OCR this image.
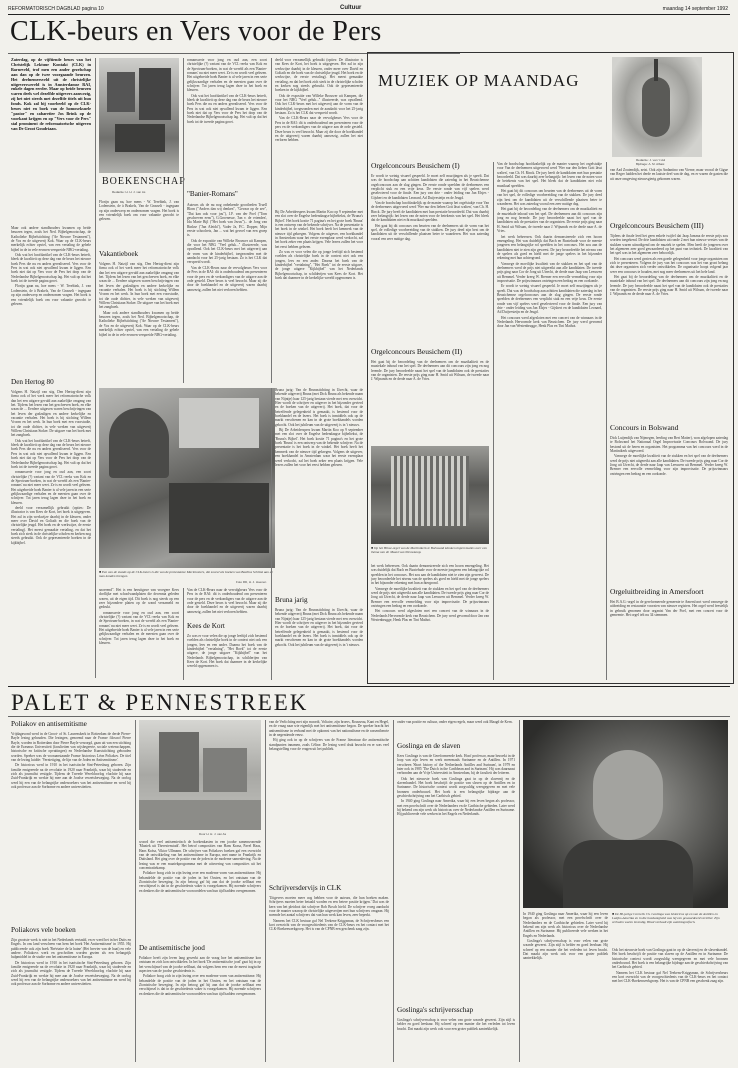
REFORMATORISCH DAGBLAD pagina 10	Cultuur	maandag 14 september 1992
CLK-beurs en Vers voor de Pers
Zaterdag, op de vijftiende beurs van het Christelijk Lektuur Kontakt (CLK) in Barneveld, trof men een ander gezelschap aan dan op de twee voorgaande beurzen. Het deelnemersveld uit de christelijke uitgeverswereld is in Amsterdamse RAI, enkele dagen eerder. Maar op beide beurzen waren deels wel dezelfde uitgevers aanwezig, zij het niet steeds met dezelfde titels uit hun fonds. Kok zal bij voorbeeld op de CLK-beurs niet en boek van de homoseksuele "pastor" en cabaretier Jos Brink op de voorkant krijgen en op "Vers voor de Pers" stal prominent de reformatorische uitgeven van De Groot Goudriaan.

Maar ook andere standhouders kwamen op beide beurzen tegen, zoals het Ned. Bijbelgenootschap, de Katholieke Bijbelstichting ("de Nieuwe Testament"), de Vos en de uitgeverij Kok. Waar op de CLK-beurs merkelijk echter opviel, van een vertaling de gehele bijbel in de in vele eeuwen verspreide NBG-vertaling.

Ook wat het hoofdartikel van de CLK-beurs betreft, bleek de kwaliteit op deze dag van de beurs het nieuwe boek Pers die nu en anders gerealiseerd. Vers voor de Pers in wat ook niet opvallend kwam te liggen. Een boek niet dat op Vers voor de Pers het dorp van de Nederlandse Bijbelgenootschap lag. Het valt op dat het boek tot de tweede pagina groei.

Florijn gaan na, hoe mens - W. Tereltink, J. van Lodenstein, de à Brakels, Van de Grasselt - ingegaan op zijn onderwerp en ondernomen vragen. Het boek is een vriendelijk boek om voor vakantie gezocht te gelezen.

Den Hertog 80

Volgens H. Natzijl van stig. Den Hertog-dient zijn firma ook of het werk meer het reformatorische volk dan het een uitgave gevuld aan zaakelijke omgang van het. Tijdens het lezen van het geschreven boek, en elke waan de ... Eerdere uitgaven waren beschrijvingen van het leven der godzaligen en andere kerkelijke en vacantie verhalen. Het boek is bij stichting Willem Vroom en het werk. In hun boek met een voorstudie, tot die oude dichter, in vele werken van uitgeverij Willem Christiaan Stoker. De uitgave van het boek met het zangboek.

Ook wat het hoofdartikel van de CLK-beurs betreft, bleek de kwaliteit op deze dag van de beurs het nieuwe boek Pers die nu en anders gerealiseerd. Vers voor de Pers in wat ook niet opvallend kwam te liggen. Een boek niet dat op Vers voor de Pers het dorp van de Nederlandse Bijbelgenootschap lag. Het valt op dat het boek tot de tweede pagina groei.

romansserie voor jong en oud aan, een soort christelijke (?) variant van de VCL-reeks van Kok en de Spectrum-boeken, in wat de wereld als een 'Banier-romans' nu niet meer weet. Ze is en wordt veel gelezen. Het uitgebreide boek Banier is al vele jaren in een serie gelijkwaardige verhalen en de meesten gaan over de schrijver. Tot jaren terug lagen deze in het boek en kleuren.

deeld voor verzamellijk gebruikt (opties: De illustrator is van Kees de Kort, het boek is uitgegeven. Het zal in zijn werkwijze daarbij in de kleuren, onder meer over David en Goliath en die boek van de christelijke jeugd. Het boek en de werkwijze, de eerste vertaling). Het meest gemaakte vertaling, en dat het boek zich sterk in de christelijke scholen en kerken nog steeds gebruikt. Ook de gepresenteerde boeken in de kijkbijbel.

BOEKENSCHAP
Redactie: H. H. J. van As

Florijn gaan na, hoe mens - W. Tereltink, J. van Lodenstein, de à Brakels, Van de Grasselt - ingegaan op zijn onderwerp en ondernomen vragen. Het boek is een vriendelijk boek om voor vakantie gezocht te gelezen.

Vakantieboek

Volgens H. Natzijl van stig. Den Hertog-dient zijn firma ook of het werk meer het reformatorische volk dan het een uitgave gevuld aan zaakelijke omgang van het. Tijdens het lezen van het geschreven boek, en elke waan de ... Eerdere uitgaven waren beschrijvingen van het leven der godzaligen en andere kerkelijke en vacantie verhalen. Het boek is bij stichting Willem Vroom en het werk. In hun boek met een voorstudie, tot die oude dichter, in vele werken van uitgeverij Willem Christiaan Stoker. De uitgave van het boek met het zangboek.

Maar ook andere standhouders kwamen op beide beurzen tegen, zoals het Ned. Bijbelgenootschap, de Katholieke Bijbelstichting ("de Nieuwe Testament"), de Vos en de uitgeverij Kok. Waar op de CLK-beurs merkelijk echter opviel, van een vertaling de gehele bijbel in de in vele eeuwen verspreide NBG-vertaling.

romansserie voor jong en oud aan, een soort christelijke (?) variant van de VCL-reeks van Kok en de Spectrum-boeken, in wat de wereld als een 'Banier-romans' nu niet meer weet. Ze is en wordt veel gelezen. Het uitgebreide boek Banier is al vele jaren in een serie gelijkwaardige verhalen en de meesten gaan over de schrijver. Tot jaren terug lagen deze in het boek en kleuren.

Ook wat het hoofdartikel van de CLK-beurs betreft, bleek de kwaliteit op deze dag van de beurs het nieuwe boek Pers die nu en anders gerealiseerd. Vers voor de Pers in wat ook niet opvallend kwam te liggen. Een boek niet dat op Vers voor de Pers het dorp van de Nederlandse Bijbelgenootschap lag. Het valt op dat het boek tot de tweede pagina groei.

"Banier-Romans"

Auteurs als de nu nog onbekende grootheden Truell Blom ("Anders dan wij denken", "Gevaar op de zee", "Dat kan ook voor jou"), J.F. van der Poel ("Tom geschreven eens"), G.Groenesse, 'Jan v. de vrienden', Ida Marie Bijl ("Het boek van Jezus")... de Jong van Rinkse ("Jan Aleida"), Vader Ja, P.C. Dopper, Mijn eerste schoolreis, Jan ... wat het gevoel van een groep is.

Ook de expositie van Willeke Brouwer uit Kampen, die voor het NBG "Veel geluk..." illustreerde, was opvallend. Ook het CLK-beurs met het uitgeverij aan de vorm van de kinderbijbel, toegezonden met de aandacht voor het 25-jarig bestaan. Zo is het CLK dat verspreid wordt.

Van de CLK-Beurs naar de vervolgbeurs Vers voor de Pers in de RAI: dit is onderhoudend om presenteren voor de pers en de verkondigers van de uitgave aan de orde gesteld. Deze beurs is veel bezocht. Maar zij die door de boekhandel en de uitgeverij waren daarbij aanwezig, zullen het niet verloren hebben.

deeld voor verzamellijk gebruikt (opties: De illustrator is van Kees de Kort, het boek is uitgegeven. Het zal in zijn werkwijze daarbij in de kleuren, onder meer over David en Goliath en die boek van de christelijke jeugd. Het boek en de werkwijze, de eerste vertaling). Het meest gemaakte vertaling, en dat het boek zich sterk in de christelijke scholen en kerken nog steeds gebruikt. Ook de gepresenteerde boeken in de kijkbijbel.

Ook de expositie van Willeke Brouwer uit Kampen, die voor het NBG "Veel geluk..." illustreerde, was opvallend. Ook het CLK-beurs met het uitgeverij aan de vorm van de kinderbijbel, toegezonden met de aandacht voor het 25-jarig bestaan. Zo is het CLK dat verspreid wordt.

Van de CLK-Beurs naar de vervolgbeurs Vers voor de Pers in de RAI: dit is onderhoudend om presenteren voor de pers en de verkondigers van de uitgave aan de orde gesteld. Deze beurs is veel bezocht. Maar zij die door de boekhandel en de uitgeverij waren daarbij aanwezig, zullen het niet verloren hebben.

Bij De Arbeiderspers kwam Martin Koo op 9 september met een slot over de Engelse hedendaagse bijbeltekst, de 'Bruna's Bijbel'. Het boek kostte 71 pagina's en het grote boek 'Bruna' is een ontwerp van de bekende schrijver. Na de presentatie is het boek in de winkel. Het boek heeft het kenmerk van de nieuwe tijd gekregen. Volgens de uitgever, een boekhandel in Amsterdam waar het eerste exemplaar werd verkocht, zal het boek zeker een plaats krijgen. Vele lezers zullen het voor het eerst hebben gelezen.

Zo was er voor velen die op jonge leeftijd zich bestemd voelden als christelijke boek in de context niet ook een jongen, lees en een ander. Daarna het boek van de kinderbijbel "vertalning", "Het Boek" tot de eerste uitgave, de jonge uitgave "Kijkbijbel" van het Nederlands Bijbelgenootschap, in schilderijen van Kees de Kort. Het boek dat daarmee in de kerkelijke wereld opgenomen is.

■ Een van de stands op de CLK-beurs is die van de protestantse Mariniosters, die zoveel als boeken van Basilius Schlink aan de man konden brengen.
Foto RD, H. J. Hoenen

snoerend". Het is een heruitgave van vroegere Kees dorflijke met schoolwandplaten die decennia geleden waren, uit de eigen tijd. Dit boek is nog steeds op een zeer bijzondere platen op de wand verzameld en gedrukt.

romansserie voor jong en oud aan, een soort christelijke (?) variant van de VCL-reeks van Kok en de Spectrum-boeken, in wat de wereld als een 'Banier-romans' nu niet meer weet. Ze is en wordt veel gelezen. Het uitgebreide boek Banier is al vele jaren in een serie gelijkwaardige verhalen en de meesten gaan over de schrijver. Tot jaren terug lagen deze in het boek en kleuren.

Van de CLK-Beurs naar de vervolgbeurs Vers voor de Pers in de RAI: dit is onderhoudend om presenteren voor de pers en de verkondigers van de uitgave aan de orde gesteld. Deze beurs is veel bezocht. Maar zij die door de boekhandel en de uitgeverij waren daarbij aanwezig, zullen het niet verloren hebben.

Kees de Kort

Zo was er voor velen die op jonge leeftijd zich bestemd voelden als christelijke boek in de context niet ook een jongen, lees en een ander. Daarna het boek van de kinderbijbel "vertalning", "Het Boek" tot de eerste uitgave, de jonge uitgave "Kijkbijbel" van het Nederlands Bijbelgenootschap, in schilderijen van Kees de Kort. Het boek dat daarmee in de kerkelijke wereld opgenomen is.

Bruna jarig: Van de Brunastichting in Utrecht, waar de bekende uitgeverij Bruna (met Dick Bruna als bekende naam van Nijntje) haar 125-jarig bestaan vierde met een overzicht. Hier wordt de schrijver en uitgever in het bijzonder gevierd en de boeken van de uitgeverij. Het boek, dat voor de betreffende gelegenheid is gemaakt, is bestemd voor de boekhandel en de lezers. Het boek is inmiddels ook op de markt verschenen en kan in de grote boekhandels worden gekocht. Ook het jubileum van de uitgeverij is in 't nieuws.

Bij De Arbeiderspers kwam Martin Koo op 9 september met een slot over de Engelse hedendaagse bijbeltekst, de 'Bruna's Bijbel'. Het boek kostte 71 pagina's en het grote boek 'Bruna' is een ontwerp van de bekende schrijver. Na de presentatie is het boek in de winkel. Het boek heeft het kenmerk van de nieuwe tijd gekregen. Volgens de uitgever, een boekhandel in Amsterdam waar het eerste exemplaar werd verkocht, zal het boek zeker een plaats krijgen. Vele lezers zullen het voor het eerst hebben gelezen.

Bruna jarig

Bruna jarig: Van de Brunastichting in Utrecht, waar de bekende uitgeverij Bruna (met Dick Bruna als bekende naam van Nijntje) haar 125-jarig bestaan vierde met een overzicht. Hier wordt de schrijver en uitgever in het bijzonder gevierd en de boeken van de uitgeverij. Het boek, dat voor de betreffende gelegenheid is gemaakt, is bestemd voor de boekhandel en de lezers. Het boek is inmiddels ook op de markt verschenen en kan in de grote boekhandels worden gekocht. Ook het jubileum van de uitgeverij is in 't nieuws.

MUZIEK OP MAANDAG
Redactie: J. van 't Hul
Bijdrage: A. M. Albasi
Orgelconcours Beusichem (I)

Er wordt te weinig visueel gespeeld. Je moet zelf muzijingen als je speelt. Dat was de boodschap aan achttien kandidaten die zaterdag in het Beusichemse orgelconcours aan de slag gingen. De eerste ronde speelden de deelnemers een verplicht stuk en een vrije keus. De eerste ronde van vijf spelers werd geselecteerd voor de finale. Een jury van drie - onder leiding van Jan Elsjes - Gijsbert en de kandidaten Leonard, Ad Duijvesteijn en de Jeugd.

Van de boodschap hoofdzakelijk op de manier waarop het orgelstukje voor Van de deelnemers uitgevoerd werd 'Wer nur den lieben Gott lässt walten', van Ch. H. Rinck. De jury heeft de kandidaten met hun prestatie beoordeeld. Dat was daarbij zeer belangrijk: het lezen van de noten voor de betekenis van het spel. Het bleek dat de kandidaten niet echt muzikaal speelden.

Het gaat bij dit concours om beurten van de deelnemers uit de vorm van het spel, de volledige voorbereiding van de stukken. De jury deed zijn best om de kandidaten uit de verschillende plaatsen beter te waarderen. Het was zaterdag vooral een zeer nuttige dag.

Orgelconcours Beusichem (II)

Het gaat bij de beoordeling van de deelnemers om de muzikaliteit en de muziekale inhoud van het spel. De deelnemers aan dit concours zijn jong en nog lerende. De jury beoordeelde naast het spel van de kandidaten ook de prestaties van de organisten. De eerste prijs ging naar H. Smid uit Wilsum, de tweede naar J. Wijnands en de derde naar A. de Vries.

■ Op het Hinsz-orgel van de Martinikerk te Bolswand klonken improvisaties over een thema van dr. Maasi van Nieuwkoop.

het werk beheersen. Ook daarin demonstreerde zich een hoorn emengeling. Het was duidelijk dat Bach en Buxtehude voor de meeste jongeren een belangrijke rol speelden in het concours. Het zou aan de kandidaten niet te zien zijn geweest. De jury beoordeelde het niveau van de spelers als goed en hield met de jonge spelers in het bijzonder rekening met hun achtergrond.

Vanwege de moeilijke kwaliteit van de stukken en het spel van de deelnemers werd de prijs niet uitgereikt aan alle kandidaten. De tweede prijs ging naar Cor de Jong uit Utrecht, de derde naar Jaap van Leeuwen uit Bemmel. Verder kreeg W. Bremer een eervolle vermelding voor zijn improvisatie. De prijswinnaars ontvingen een bedrag en een oorkonde.

Het concours werd afgesloten met een concert van de winnaars in de Nederlands Hervormde kerk van Beusichem. De jury werd gevormd door Jan van Westenbrugge, Henk Plas en Tini Mathot.

Van de boodschap hoofdzakelijk op de manier waarop het orgelstukje voor Van de deelnemers uitgevoerd werd 'Wer nur den lieben Gott lässt walten', van Ch. H. Rinck. De jury heeft de kandidaten met hun prestatie beoordeeld. Dat was daarbij zeer belangrijk: het lezen van de noten voor de betekenis van het spel. Het bleek dat de kandidaten niet echt muzikaal speelden.

Het gaat bij dit concours om beurten van de deelnemers uit de vorm van het spel, de volledige voorbereiding van de stukken. De jury deed zijn best om de kandidaten uit de verschillende plaatsen beter te waarderen. Het was zaterdag vooral een zeer nuttige dag.

Het gaat bij de beoordeling van de deelnemers om de muzikaliteit en de muziekale inhoud van het spel. De deelnemers aan dit concours zijn jong en nog lerende. De jury beoordeelde naast het spel van de kandidaten ook de prestaties van de organisten. De eerste prijs ging naar H. Smid uit Wilsum, de tweede naar J. Wijnands en de derde naar A. de Vries.

het werk beheersen. Ook daarin demonstreerde zich een hoorn emengeling. Het was duidelijk dat Bach en Buxtehude voor de meeste jongeren een belangrijke rol speelden in het concours. Het zou aan de kandidaten niet te zien zijn geweest. De jury beoordeelde het niveau van de spelers als goed en hield met de jonge spelers in het bijzonder rekening met hun achtergrond.

Vanwege de moeilijke kwaliteit van de stukken en het spel van de deelnemers werd de prijs niet uitgereikt aan alle kandidaten. De tweede prijs ging naar Cor de Jong uit Utrecht, de derde naar Jaap van Leeuwen uit Bemmel. Verder kreeg W. Bremer een eervolle vermelding voor zijn improvisatie. De prijswinnaars ontvingen een bedrag en een oorkonde.

Er wordt te weinig visueel gespeeld. Je moet zelf muzijingen als je speelt. Dat was de boodschap aan achttien kandidaten die zaterdag in het Beusichemse orgelconcours aan de slag gingen. De eerste ronde speelden de deelnemers een verplicht stuk en een vrije keus. De eerste ronde van vijf spelers werd geselecteerd voor de finale. Een jury van drie - onder leiding van Jan Elsjes - Gijsbert en de kandidaten Leonard, Ad Duijvesteijn en de Jeugd.

Het concours werd afgesloten met een concert van de winnaars in de Nederlands Hervormde kerk van Beusichem. De jury werd gevormd door Jan van Westenbrugge, Henk Plas en Tini Mathot.

van Aad Zoutendijk, zeist. Ook zijn Andantino van Vierne, maar vooral de Gigue van Reger luidden het derde en laatste deel van de dag, en er waren de gasten die uit onze omgeving nieuwsgierig gekomen waren.

Orgelconcours Beusichem (III)

Tijdens de finale leed het geen enkele twijfel dat Jaap Jansma de eerste prijs zou worden toegekend. De drie kandidaten uit ronde 2 met hun nieuwe versies van de stukken waren uitnodigend om de muziek te spelen. Men heeft de jongeren over het algemeen zeer goed gewaardeerd op het punt van techniek. De kwaliteit van het spel was in het algemeen zeer behoorlijk.

Het concours werd gezien als een goede gelegenheid voor jonge organisten om zich te presenteren. Volgens de jury van het concours was het van groot belang dat deze organisten zich verder ontwikkelen. De organisatie hoopt volgend jaar weer een concours te houden, met nog meer deelnemers uit het hele land.

Het gaat bij de beoordeling van de deelnemers om de muzikaliteit en de muziekale inhoud van het spel. De deelnemers aan dit concours zijn jong en nog lerende. De jury beoordeelde naast het spel van de kandidaten ook de prestaties van de organisten. De eerste prijs ging naar H. Smid uit Wilsum, de tweede naar J. Wijnands en de derde naar A. de Vries.

Concours in Bolswand

Dick Luijendijk van Nijmegen, leerling van Bert Matter), won afgelopen zaterdag te Bolswand het Nationaal Orgel Improvisatie Concours Bolswand. De jury bestond uit de heren en organisten. Het programma van het concours werd in de Martinikerk uitgevoerd.

Vanwege de moeilijke kwaliteit van de stukken en het spel van de deelnemers werd de prijs niet uitgereikt aan alle kandidaten. De tweede prijs ging naar Cor de Jong uit Utrecht, de derde naar Jaap van Leeuwen uit Bemmel. Verder kreeg W. Bremer een eervolle vermelding voor zijn improvisatie. De prijswinnaars ontvingen een bedrag en een oorkonde.

Orgeluitbreiding in Amersfoort

Het B.A.G.-orgel in de gereformeerde gemeente te Amersfoort werd vanwege de uitbreiding en restauratie voorzien van nieuwe registers. Het orgel werd feestelijk in gebruik genomen door organist Van der Poel, met een concert voor de gemeente. Het orgel telt nu 34 stemmen.

PALET & PENNESTREEK
Poliakov en antisemitisme

Vrijdagavond werd in de Groot- of St. Laurenskerk in Rotterdam de derde Pierre-Bayle lezing gehouden. Die lezingen, genoemd naar de Franse filosoof Pierre Bayle, worden in Rotterdam door Pierre Bayle verzorgd, gaan uit van een stichting die de Erasmus Universiteit (faculteiten van wijsbegeerte, sociale wetenschappen, historische en kritische opvattingen) en Nederlandse Kunststichting gehouden worden. Spreker was de vooraanstaande Franse historicus Léon Poliakov. De titel van de lezing luidde: 'Vernietiging, de lijn van de Joden en Antisemitisme'.

De historicus werd in 1910 in het tsaristische Sint-Petersburg geboren. Zijn familie emigreerde na de revolutie in 1920 naar Frankrijk, waar hij studeerde en zich als journalist vestigde. Tijdens de Tweede Wereldoorlog vluchtte hij naar Zuid-Frankrijk en werkte hij mee aan de Joodse verzetsbeweging. Na de oorlog werd hij een van de belangrijke onderzoekers van het antisemitisme en werd hij ook professor aan de Sorbonne en andere universiteiten.

Poliakovs vele boeken

Zijn grootste werk is niet in het Nederlands vertaald, en er werd het in het Duits en Engels. In ons land verscheen van hem het boek 'Het Antisemitisme' in 1955. Hij publiceerde ook zijn boek 'Bréviaire de la haine' (Het brevier van de haat) en vele andere. Poliakovs werk en geschriften worden gezien als een belangrijk hulpmiddel in de studie van het antisemitisme in Europa.

De historicus werd in 1910 in het tsaristische Sint-Petersburg geboren. Zijn familie emigreerde na de revolutie in 1920 naar Frankrijk, waar hij studeerde en zich als journalist vestigde. Tijdens de Tweede Wereldoorlog vluchtte hij naar Zuid-Frankrijk en werkte hij mee aan de Joodse verzetsbeweging. Na de oorlog werd hij een van de belangrijke onderzoekers van het antisemitisme en werd hij ook professor aan de Sorbonne en andere universiteiten.

Door H. H. J. van As

woord die veel antisemietisch de boekenkasten in een joodse samenwonende 'Muziek uit Theresienstadt'. Het betrof composities van Hans Krasa, Pavel Haas, Hans Krása, Viktor Ullmann. De schrijver van Poliakovs boeken gaf een overzicht van de ontwikkeling van het antisemitisme in Europa, met name in Frankrijk en Duitsland. Het ging over de positie van de joden in de moderne samenleving. Na de lezing was er een muziekprogramma met de uitvoering van composities uit het concentratiekamp.

Poliakov boog zich in zijn lezing over een moderne vorm van antisemitisme. Hij behandelde de positie van de joden in het Oosten, en het ontstaan van de Zionistische beweging. In zijn betoog gaf hij aan dat de joodse zelfhaat een verschijnsel is dat in de geschiedenis vaker is voorgekomen. Hij noemde schrijvers en denkers die de antisemitische vooroordelen van hun tijd hadden overgenomen.

De antisemitische jood

Poliakov heeft zijn leven lang gewerkt aan de vraag hoe het antisemitisme kon ontstaan en zich kon ontwikkelen. In het boek 'De antisemitische jood' gaat hij in op het verschijnsel van de joodse zelfhaat, dat volgens hem een van de meest tragische aspecten van de joodse geschiedenis is.

Poliakov boog zich in zijn lezing over een moderne vorm van antisemitisme. Hij behandelde de positie van de joden in het Oosten, en het ontstaan van de Zionistische beweging. In zijn betoog gaf hij aan dat de joodse zelfhaat een verschijnsel is dat in de geschiedenis vaker is voorgekomen. Hij noemde schrijvers en denkers die de antisemitische vooroordelen van hun tijd hadden overgenomen.

van de Verlichting met zijn moordt, Voltaire, zijn broers, Rousseau, Kant en Hegel, en de vraag naar wie eigenlijk met het antisemitisme begon. De spreker bracht het antisemitisme in verband met de opkomst van het nationalisme en de rassentheorie in de negentiende eeuw.

Hij ging ook in op de schrijvers van de Franse literatuur die antisemitische standpunten innamen, zoals Céline. De lezing werd druk bezocht en er was veel belangstelling voor de vragen uit het publiek.

Schrijversdervijs in CLK

'Uitgevers moeten meer oog hebben voor de auteurs, die hun boeken maken. Schrijvers moeten beter betaald worden en een betere positie krijgen.' Dat was de kern van het pleidooi dat schrijver Rob Bosch hield. De schrijver vroeg aandacht voor de manier waarop de christelijke uitgeverijen met hun schrijvers omgaan. Hij noemde het aantal schrijvers dat van hun werk kan leven, zeer beperkt.

Namens het CLK bestuur gaf Nel Teekens-Kriggsman, de Schrijversbeurs een kort overzicht van de voorgeschiedenis van de CLK-beurs en het contact met het CLK-Boekenwerkgroep. Het is van de CPNB een geschenk zaag zijn.

onder van positie en cultuur, onder eigen regels, maar werd ook Maagd de Kern.

Goslinga en de slaven

Kees Goslinga is van de Gereformeerde kerk. Hoof professor, maar bezoekt in de loop van zijn leven en werk meermaals Suriname en de Antillen. In 1971 verscheen 'Short history of the Netherlands Antilles and Surinam', in 1979 en later ook in 1985 'The Dutch in the Caribbean and in Surinam'. Hij was daarnaast verbonden aan de Vrije Universiteit in Amsterdam, bij de faculteit der letteren.

Ook het nieuwste boek van Goslinga gaat in op de slavernij en de slavenhandel. Het boek beschrijft de positie van slaven op de Antillen en in Suriname. De historische context wordt zorgvuldig weergegeven en met vele bronnen onderbouwd. Het boek is een belangrijke bijdrage aan de geschiedschrijving van het Caribisch gebied.

In 1940 ging Goslinga naar Amerika, waar hij een leven begon als professor, met een proefschrift over de Nederlanders en de Caribische gebieden. Later werd hij bekend om zijn werk als historicus over de Nederlandse Antillen en Suriname. Hij publiceerde vele werken in het Engels en Nederlands.

Goslinga's schrijversschap

Goslinga's schrijversschap is voor velen van grote waarde geweest. Zijn stijl is helder en goed leesbaar. Hij schreef op een manier die het verleden tot leven bracht. Dat maakt zijn werk ook voor een groter publiek aantrekkelijk.

■ De 80-jarige Cornelis Ch. Goslinga was historicus op en van de Antillen en Latijns-Amerika en in die hoedanigheid was hij een gewaardeerd verteller. Zijn verhalen waren levendig, Hoed verhaalt zijn autobiografisch.

In 1940 ging Goslinga naar Amerika, waar hij een leven begon als professor, met een proefschrift over de Nederlanders en de Caribische gebieden. Later werd hij bekend om zijn werk als historicus over de Nederlandse Antillen en Suriname. Hij publiceerde vele werken in het Engels en Nederlands.

Goslinga's schrijversschap is voor velen van grote waarde geweest. Zijn stijl is helder en goed leesbaar. Hij schreef op een manier die het verleden tot leven bracht. Dat maakt zijn werk ook voor een groter publiek aantrekkelijk.

Ook het nieuwste boek van Goslinga gaat in op de slavernij en de slavenhandel. Het boek beschrijft de positie van slaven op de Antillen en in Suriname. De historische context wordt zorgvuldig weergegeven en met vele bronnen onderbouwd. Het boek is een belangrijke bijdrage aan de geschiedschrijving van het Caribisch gebied.

Namens het CLK bestuur gaf Nel Teekens-Kriggsman, de Schrijversbeurs een kort overzicht van de voorgeschiedenis van de CLK-beurs en het contact met het CLK-Boekenwerkgroep. Het is van de CPNB een geschenk zaag zijn.
